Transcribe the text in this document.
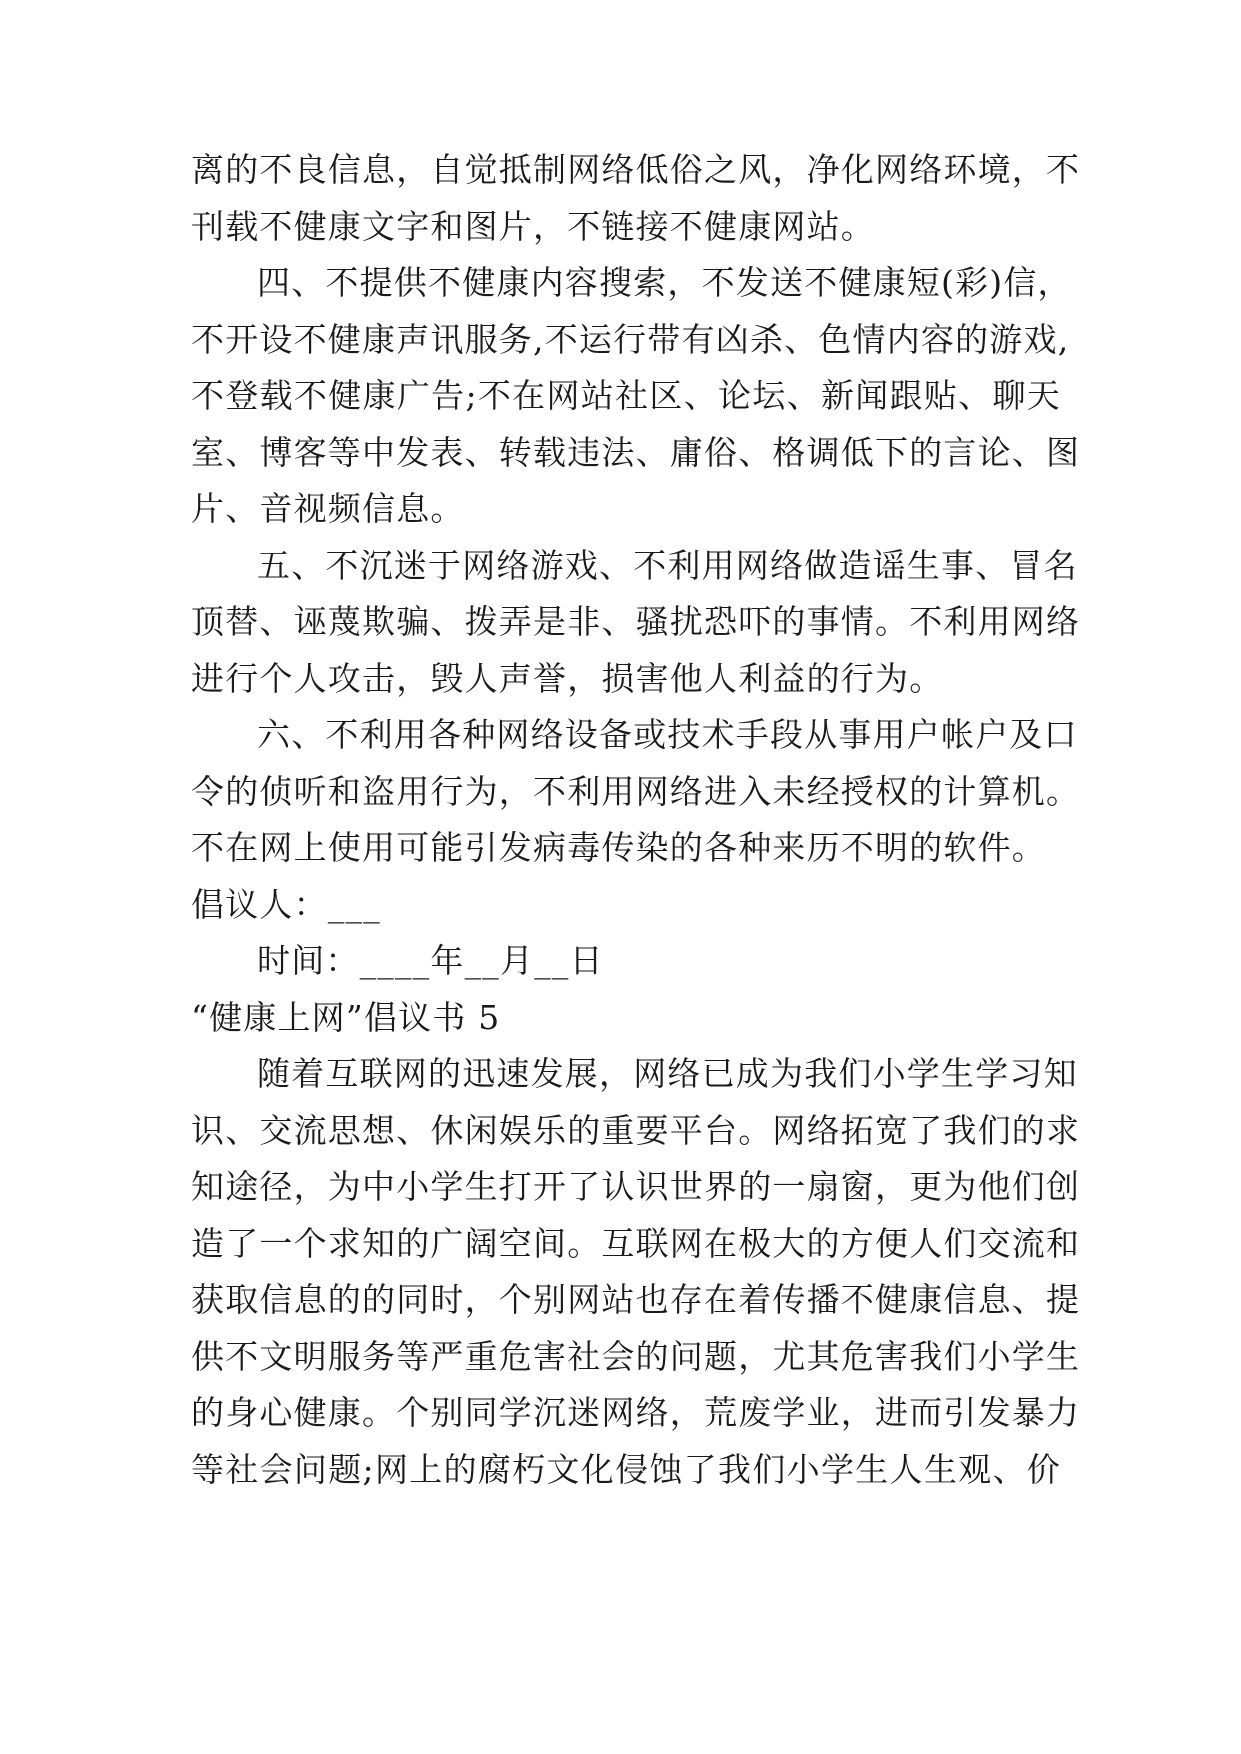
离的不良信息，自觉抵制网络低俗之风，净化网络环境，不
刊载不健康文字和图片，不链接不健康网站。
四、不提供不健康内容搜索，不发送不健康短(彩)信，
不开设不健康声讯服务,不运行带有凶杀、色情内容的游戏,
不登载不健康广告;不在网站社区、论坛、新闻跟贴、聊天
室、博客等中发表、转载违法、庸俗、格调低下的言论、图
片、音视频信息。
五、不沉迷于网络游戏、不利用网络做造谣生事、冒名
顶替、诬蔑欺骗、拨弄是非、骚扰恐吓的事情。不利用网络
进行个人攻击，毁人声誉，损害他人利益的行为。
六、不利用各种网络设备或技术手段从事用户帐户及口
令的侦听和盗用行为，不利用网络进入未经授权的计算机。
不在网上使用可能引发病毒传染的各种来历不明的软件。
倡议人：___
时间：____年__月__日
“健康上网”倡议书 5
随着互联网的迅速发展，网络已成为我们小学生学习知
识、交流思想、休闲娱乐的重要平台。网络拓宽了我们的求
知途径，为中小学生打开了认识世界的一扇窗，更为他们创
造了一个求知的广阔空间。互联网在极大的方便人们交流和
获取信息的的同时，个别网站也存在着传播不健康信息、提
供不文明服务等严重危害社会的问题，尤其危害我们小学生
的身心健康。个别同学沉迷网络，荒废学业，进而引发暴力
等社会问题;网上的腐朽文化侵蚀了我们小学生人生观、价
